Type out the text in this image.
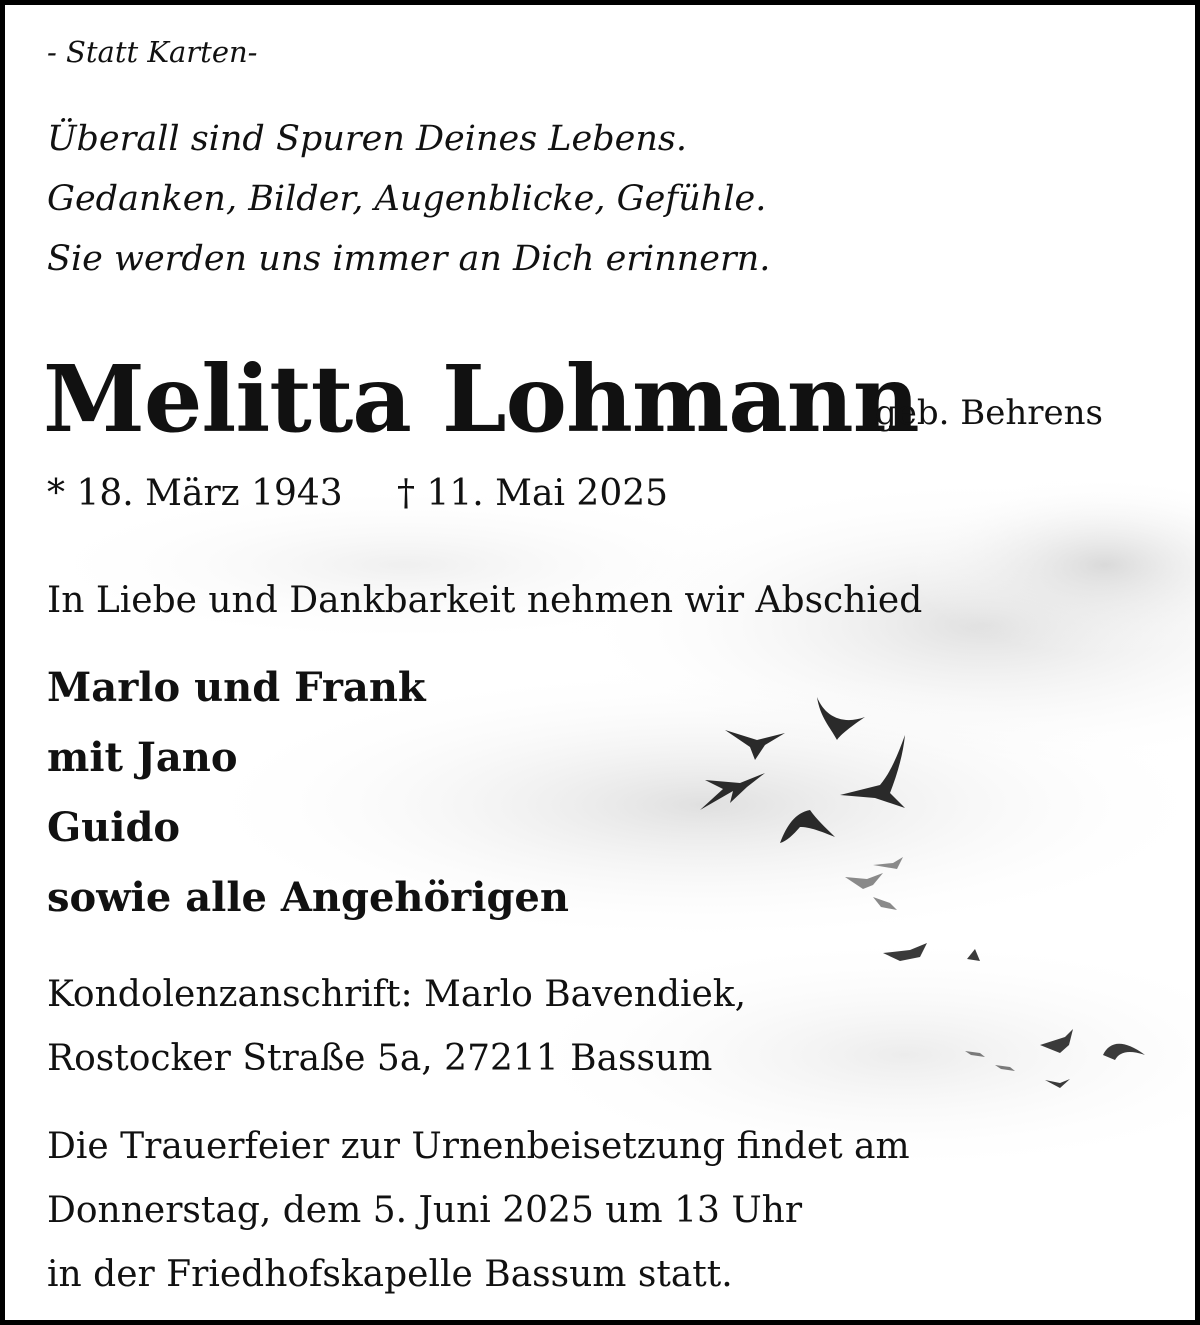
- Statt Karten-
Überall sind Spuren Deines Lebens.
Gedanken, Bilder, Augenblicke, Gefühle.
Sie werden uns immer an Dich erinnern.
Melitta Lohmann
geb. Behrens
* 18. März 1943 † 11. Mai 2025
In Liebe und Dankbarkeit nehmen wir Abschied
Marlo und Frank
mit Jano
Guido
sowie alle Angehörigen
Kondolenzanschrift: Marlo Bavendiek,
Rostocker Straße 5a, 27211 Bassum
Die Trauerfeier zur Urnenbeisetzung findet am
Donnerstag, dem 5. Juni 2025 um 13 Uhr
in der Friedhofskapelle Bassum statt.
